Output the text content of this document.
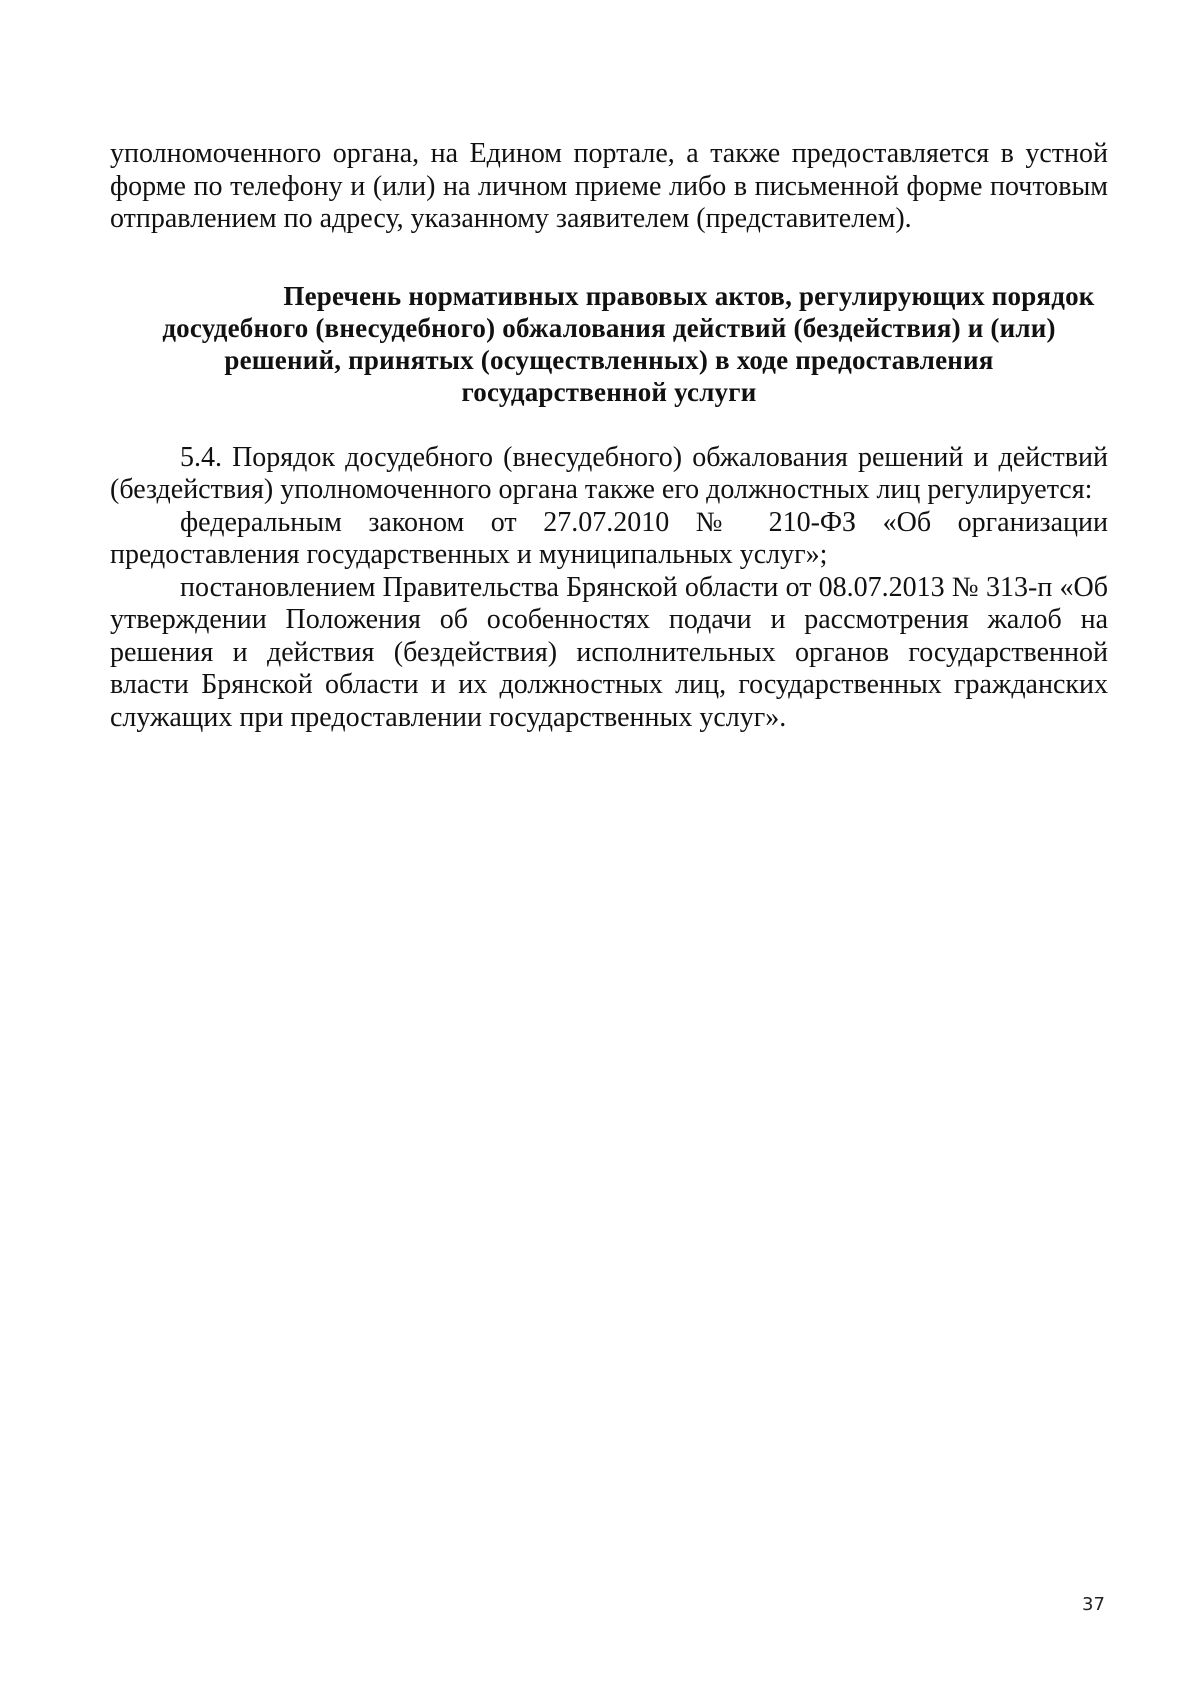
уполномоченного органа, на Едином портале, а также предоставляется в устной форме по телефону и (или) на личном приеме либо в письменной форме почтовым отправлением по адресу, указанному заявителем (представителем).

Перечень нормативных правовых актов, регулирующих порядок
досудебного (внесудебного) обжалования действий (бездействия) и (или)
решений, принятых (осуществленных) в ходе предоставления
государственной услуги

5.4. Порядок досудебного (внесудебного) обжалования решений и действий (бездействия) уполномоченного органа также его должностных лиц регулируется:

федеральным законом от 27.07.2010 № 210-ФЗ «Об организации предоставления государственных и муниципальных услуг»;

постановлением Правительства Брянской области от 08.07.2013 № 313-п «Об утверждении Положения об особенностях подачи и рассмотрения жалоб на решения и действия (бездействия) исполнительных органов государственной власти Брянской области и их должностных лиц, государственных гражданских служащих при предоставлении государственных услуг».

37
